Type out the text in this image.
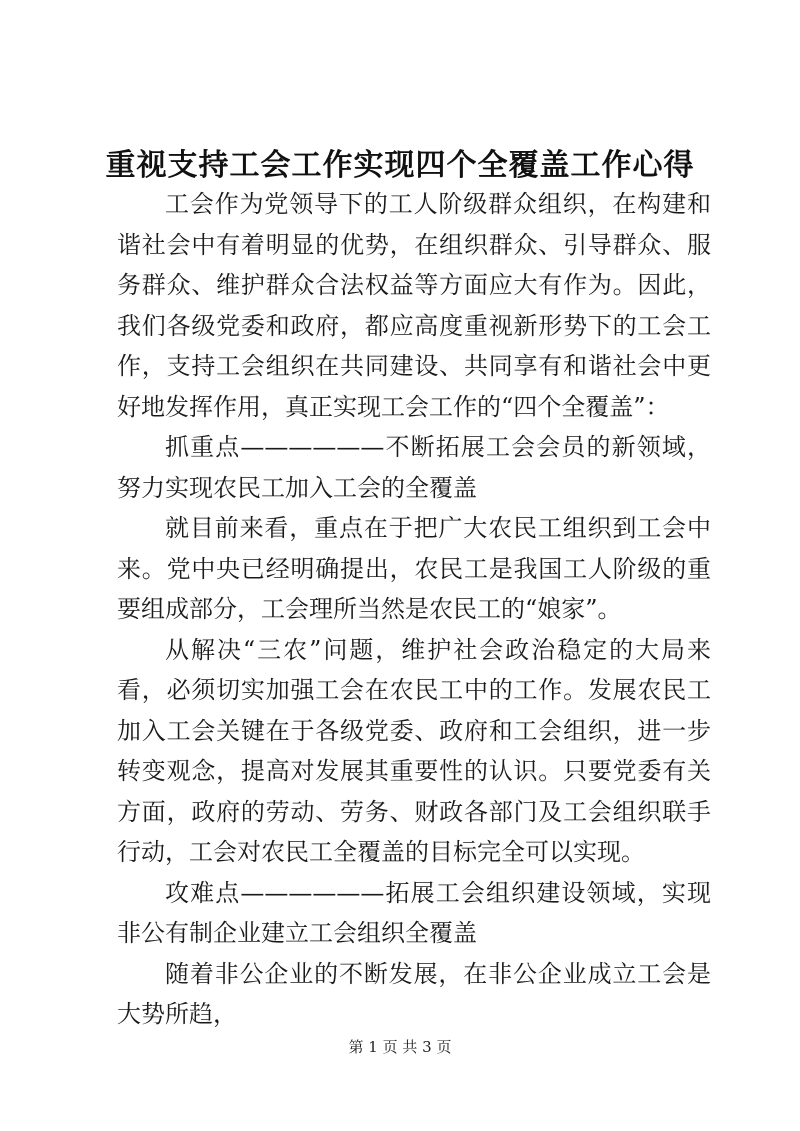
重视支持工会工作实现四个全覆盖工作心得

工会作为党领导下的工人阶级群众组织，在构建和谐社会中有着明显的优势，在组织群众、引导群众、服务群众、维护群众合法权益等方面应大有作为。因此，我们各级党委和政府，都应高度重视新形势下的工会工作，支持工会组织在共同建设、共同享有和谐社会中更好地发挥作用，真正实现工会工作的“四个全覆盖”：

抓重点——————不断拓展工会会员的新领域，努力实现农民工加入工会的全覆盖

就目前来看，重点在于把广大农民工组织到工会中来。党中央已经明确提出，农民工是我国工人阶级的重要组成部分，工会理所当然是农民工的“娘家”。

从解决“三农”问题，维护社会政治稳定的大局来看，必须切实加强工会在农民工中的工作。发展农民工加入工会关键在于各级党委、政府和工会组织，进一步转变观念，提高对发展其重要性的认识。只要党委有关方面，政府的劳动、劳务、财政各部门及工会组织联手行动，工会对农民工全覆盖的目标完全可以实现。

攻难点——————拓展工会组织建设领域，实现非公有制企业建立工会组织全覆盖

随着非公企业的不断发展，在非公企业成立工会是大势所趋，

第 1 页 共 3 页
